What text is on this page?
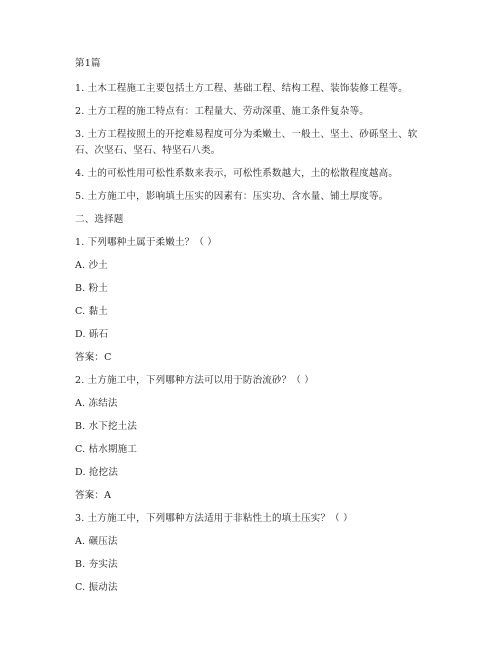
第1篇
1. 土木工程施工主要包括土方工程、基础工程、结构工程、装饰装修工程等。
2. 土方工程的施工特点有：工程量大、劳动深重、施工条件复杂等。
3. 土方工程按照土的开挖难易程度可分为柔嫩土、一般土、坚土、砂砾坚土、软
石、次坚石、坚石、特坚石八类。
4. 土的可松性用可松性系数来表示，可松性系数越大，土的松散程度越高。
5. 土方施工中，影响填土压实的因素有：压实功、含水量、铺土厚度等。
二、选择题
1. 下列哪种土属于柔嫩土？（ ）
A. 沙土
B. 粉土
C. 黏土
D. 砾石
答案：C
2. 土方施工中，下列哪种方法可以用于防治流砂？（ ）
A. 冻结法
B. 水下挖土法
C. 枯水期施工
D. 抢挖法
答案：A
3. 土方施工中，下列哪种方法适用于非粘性土的填土压实？（ ）
A. 碾压法
B. 夯实法
C. 振动法
